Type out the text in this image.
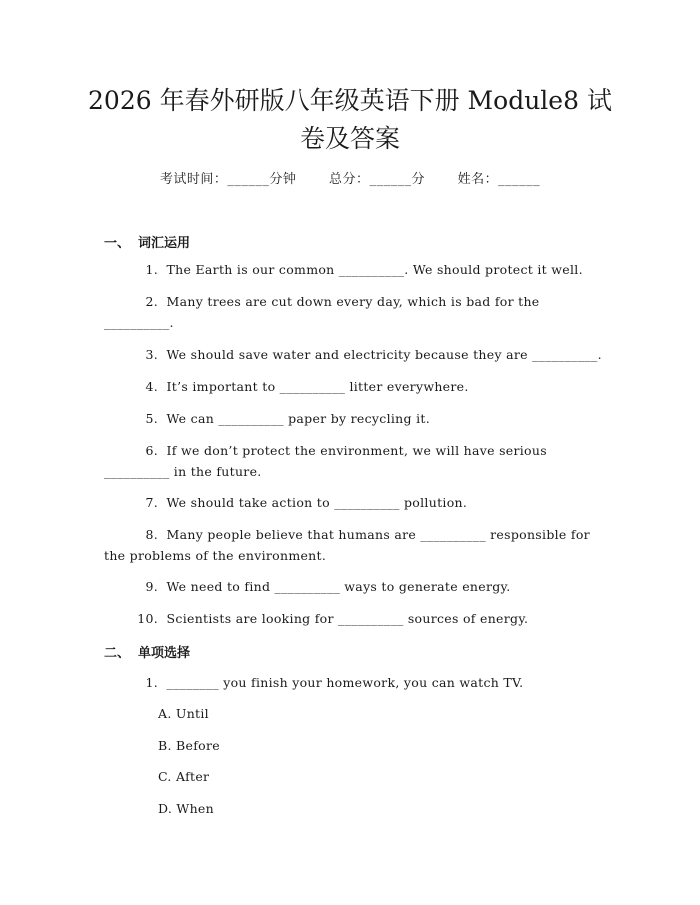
2026 年春外研版八年级英语下册 Module8 试
卷及答案
考试时间：______分钟	总分：______分	姓名：______
一、 词汇运用
1. The Earth is our common __________. We should protect it well.
2. Many trees are cut down every day, which is bad for the
__________.
3. We should save water and electricity because they are __________.
4. It’s important to __________ litter everywhere.
5. We can __________ paper by recycling it.
6. If we don’t protect the environment, we will have serious
__________ in the future.
7. We should take action to __________ pollution.
8. Many people believe that humans are __________ responsible for
the problems of the environment.
9. We need to find __________ ways to generate energy.
10. Scientists are looking for __________ sources of energy.
二、 单项选择
1. ________ you finish your homework, you can watch TV.
A. Until
B. Before
C. After
D. When
